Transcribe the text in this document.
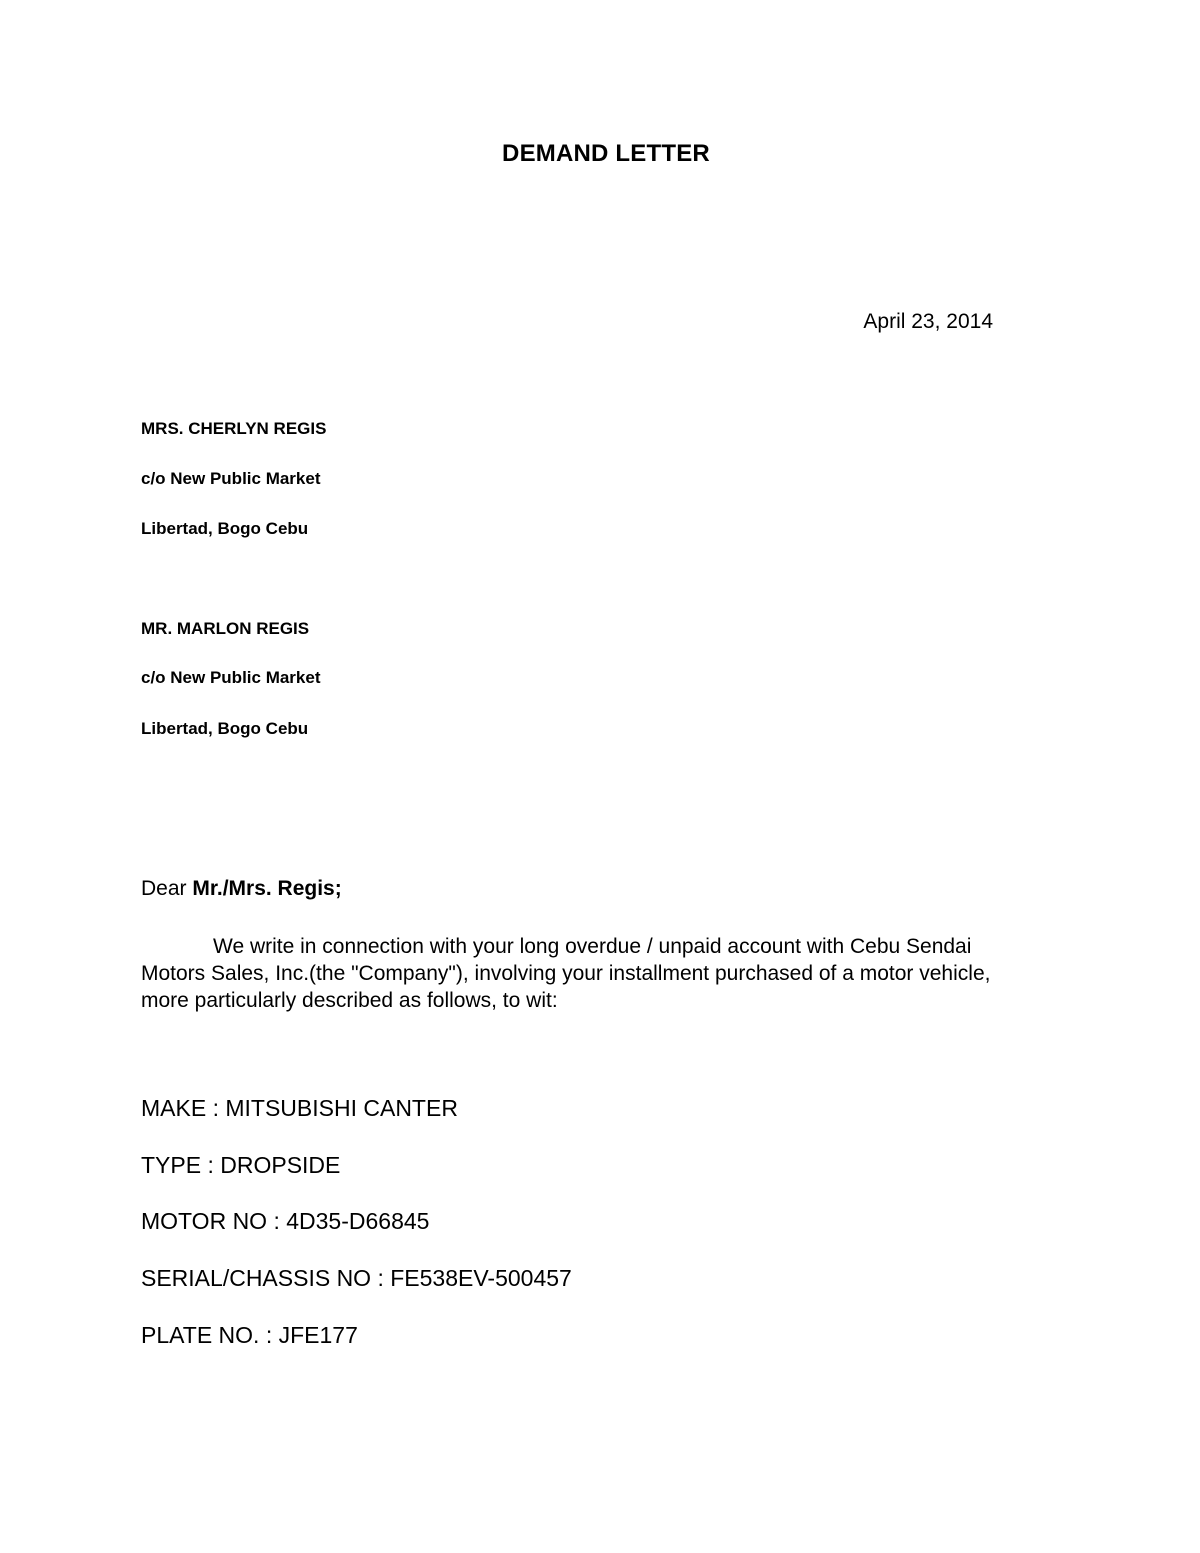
DEMAND LETTER
April 23, 2014
MRS. CHERLYN REGIS
c/o New Public Market
Libertad, Bogo Cebu
MR. MARLON REGIS
c/o New Public Market
Libertad, Bogo Cebu
Dear Mr./Mrs. Regis;
We write in connection with your long overdue / unpaid account with Cebu Sendai Motors Sales, Inc.(the "Company"), involving your installment purchased of a motor vehicle, more particularly described as follows, to wit:
MAKE : MITSUBISHI CANTER
TYPE : DROPSIDE
MOTOR NO : 4D35-D66845
SERIAL/CHASSIS NO : FE538EV-500457
PLATE NO. : JFE177
